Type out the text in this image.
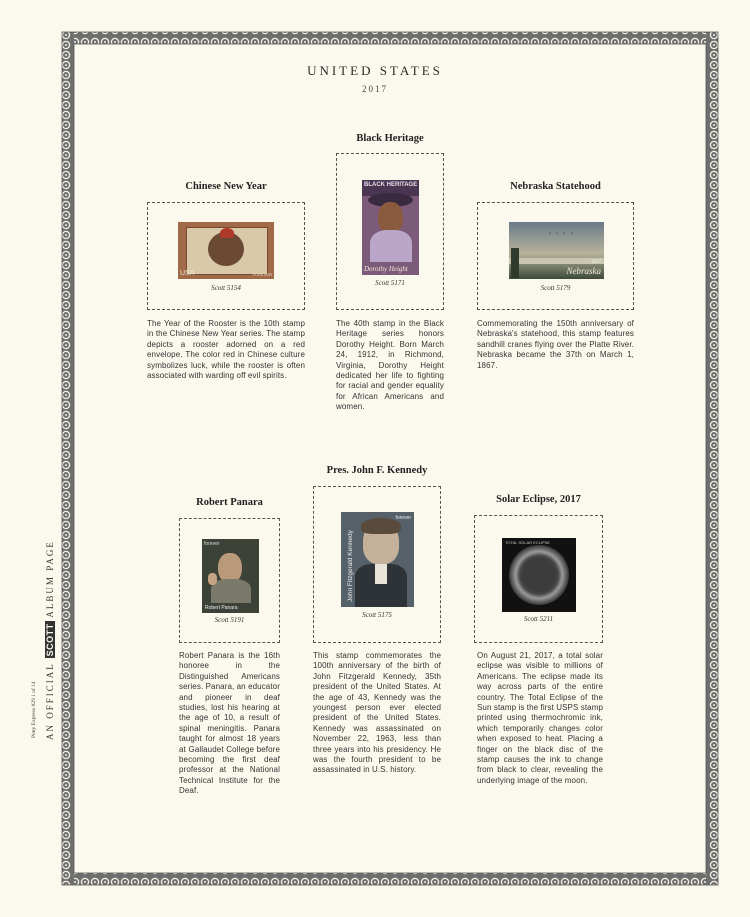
UNITED STATES
2017
Pony Express #29 1 of 14 AN OFFICIAL SCOTT ALBUM PAGE
Chinese New Year
USA	FOREVER
Scott 5154
The Year of the Rooster is the 10th stamp in the Chinese New Year series. The stamp depicts a rooster adorned on a red envelope. The color red in Chinese culture symbolizes luck, while the rooster is often associated with warding off evil spirits.
Black Heritage
BLACK HERITAGE
Dorothy Height
Scott 5171
The 40th stamp in the Black Heritage series honors Dorothy Height. Born March 24, 1912, in Richmond, Virginia, Dorothy Height dedicated her life to fighting for racial and gender equality for African Americans and women.
Nebraska Statehood
ᵛ ᵛ ᵛ ᵛ
Nebraska
1867
Scott 5179
Commemorating the 150th anniversary of Nebraska's statehood, this stamp features sandhill cranes flying over the Platte River. Nebraska became the 37th on March 1, 1867.
Robert Panara
forever
Robert Panara
Scott 5191
Robert Panara is the 16th honoree in the Distinguished Americans series. Panara, an educator and pioneer in deaf studies, lost his hearing at the age of 10, a result of spinal meningitis. Panara taught for almost 18 years at Gallaudet College before becoming the first deaf professor at the National Technical Institute for the Deaf.
Pres. John F. Kennedy
John Fitzgerald Kennedy
forever
Scott 5175
This stamp commemorates the 100th anniversary of the birth of John Fitzgerald Kennedy, 35th president of the United States. At the age of 43, Kennedy was the youngest person ever elected president of the United States. Kennedy was assassinated on November 22, 1963, less than three years into his presidency. He was the fourth president to be assassinated in U.S. history.
Solar Eclipse, 2017
TOTAL SOLAR ECLIPSE
Scott 5211
On August 21, 2017, a total solar eclipse was visible to millions of Americans. The eclipse made its way across parts of the entire country. The Total Eclipse of the Sun stamp is the first USPS stamp printed using thermochromic ink, which temporarily changes color when exposed to heat. Placing a finger on the black disc of the stamp causes the ink to change from black to clear, revealing the underlying image of the moon.
